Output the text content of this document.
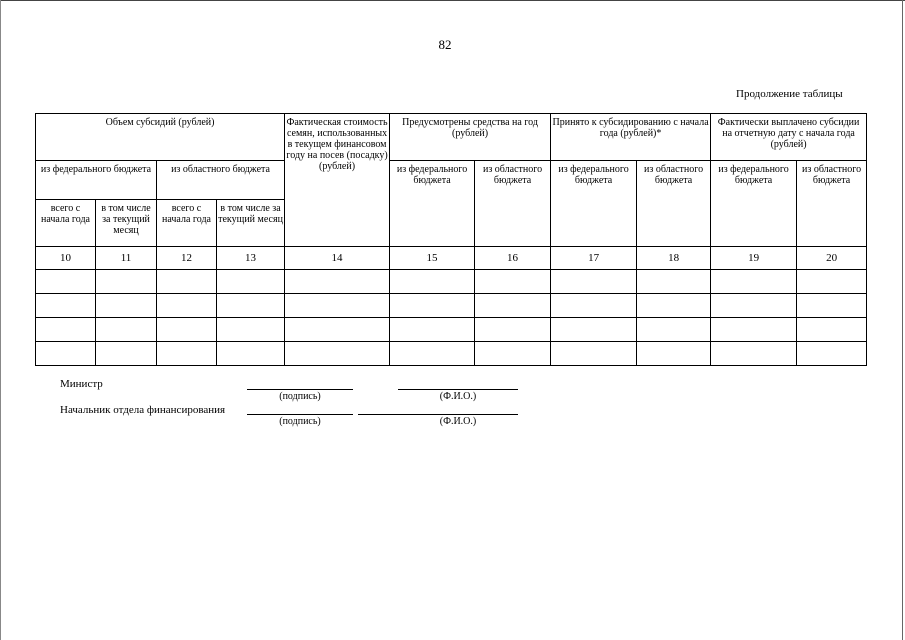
82
Продолжение таблицы
Объем субсидий (рублей)				Фактическая стоимость семян, использованных в текущем финансовом году на посев (посадку) (рублей)	Предусмотрены средства на год (рублей)		Принято к субсидированию с начала года (рублей)*		Фактически выплачено субсидии на отчетную дату с начала года (рублей)	
из федерального бюджета		из областного бюджета			из федерального бюджета	из областного бюджета	из федерального бюджета	из областного бюджета	из федерального бюджета	из областного бюджета
всего с начала года	в том числе за текущий месяц	всего с начала года	в том числе за текущий месяц							
10	11	12	13	14	15	16	17	18	19	20

Министр
(подпись)	(Ф.И.О.)
Начальник отдела финансирования
(подпись)	(Ф.И.О.)
